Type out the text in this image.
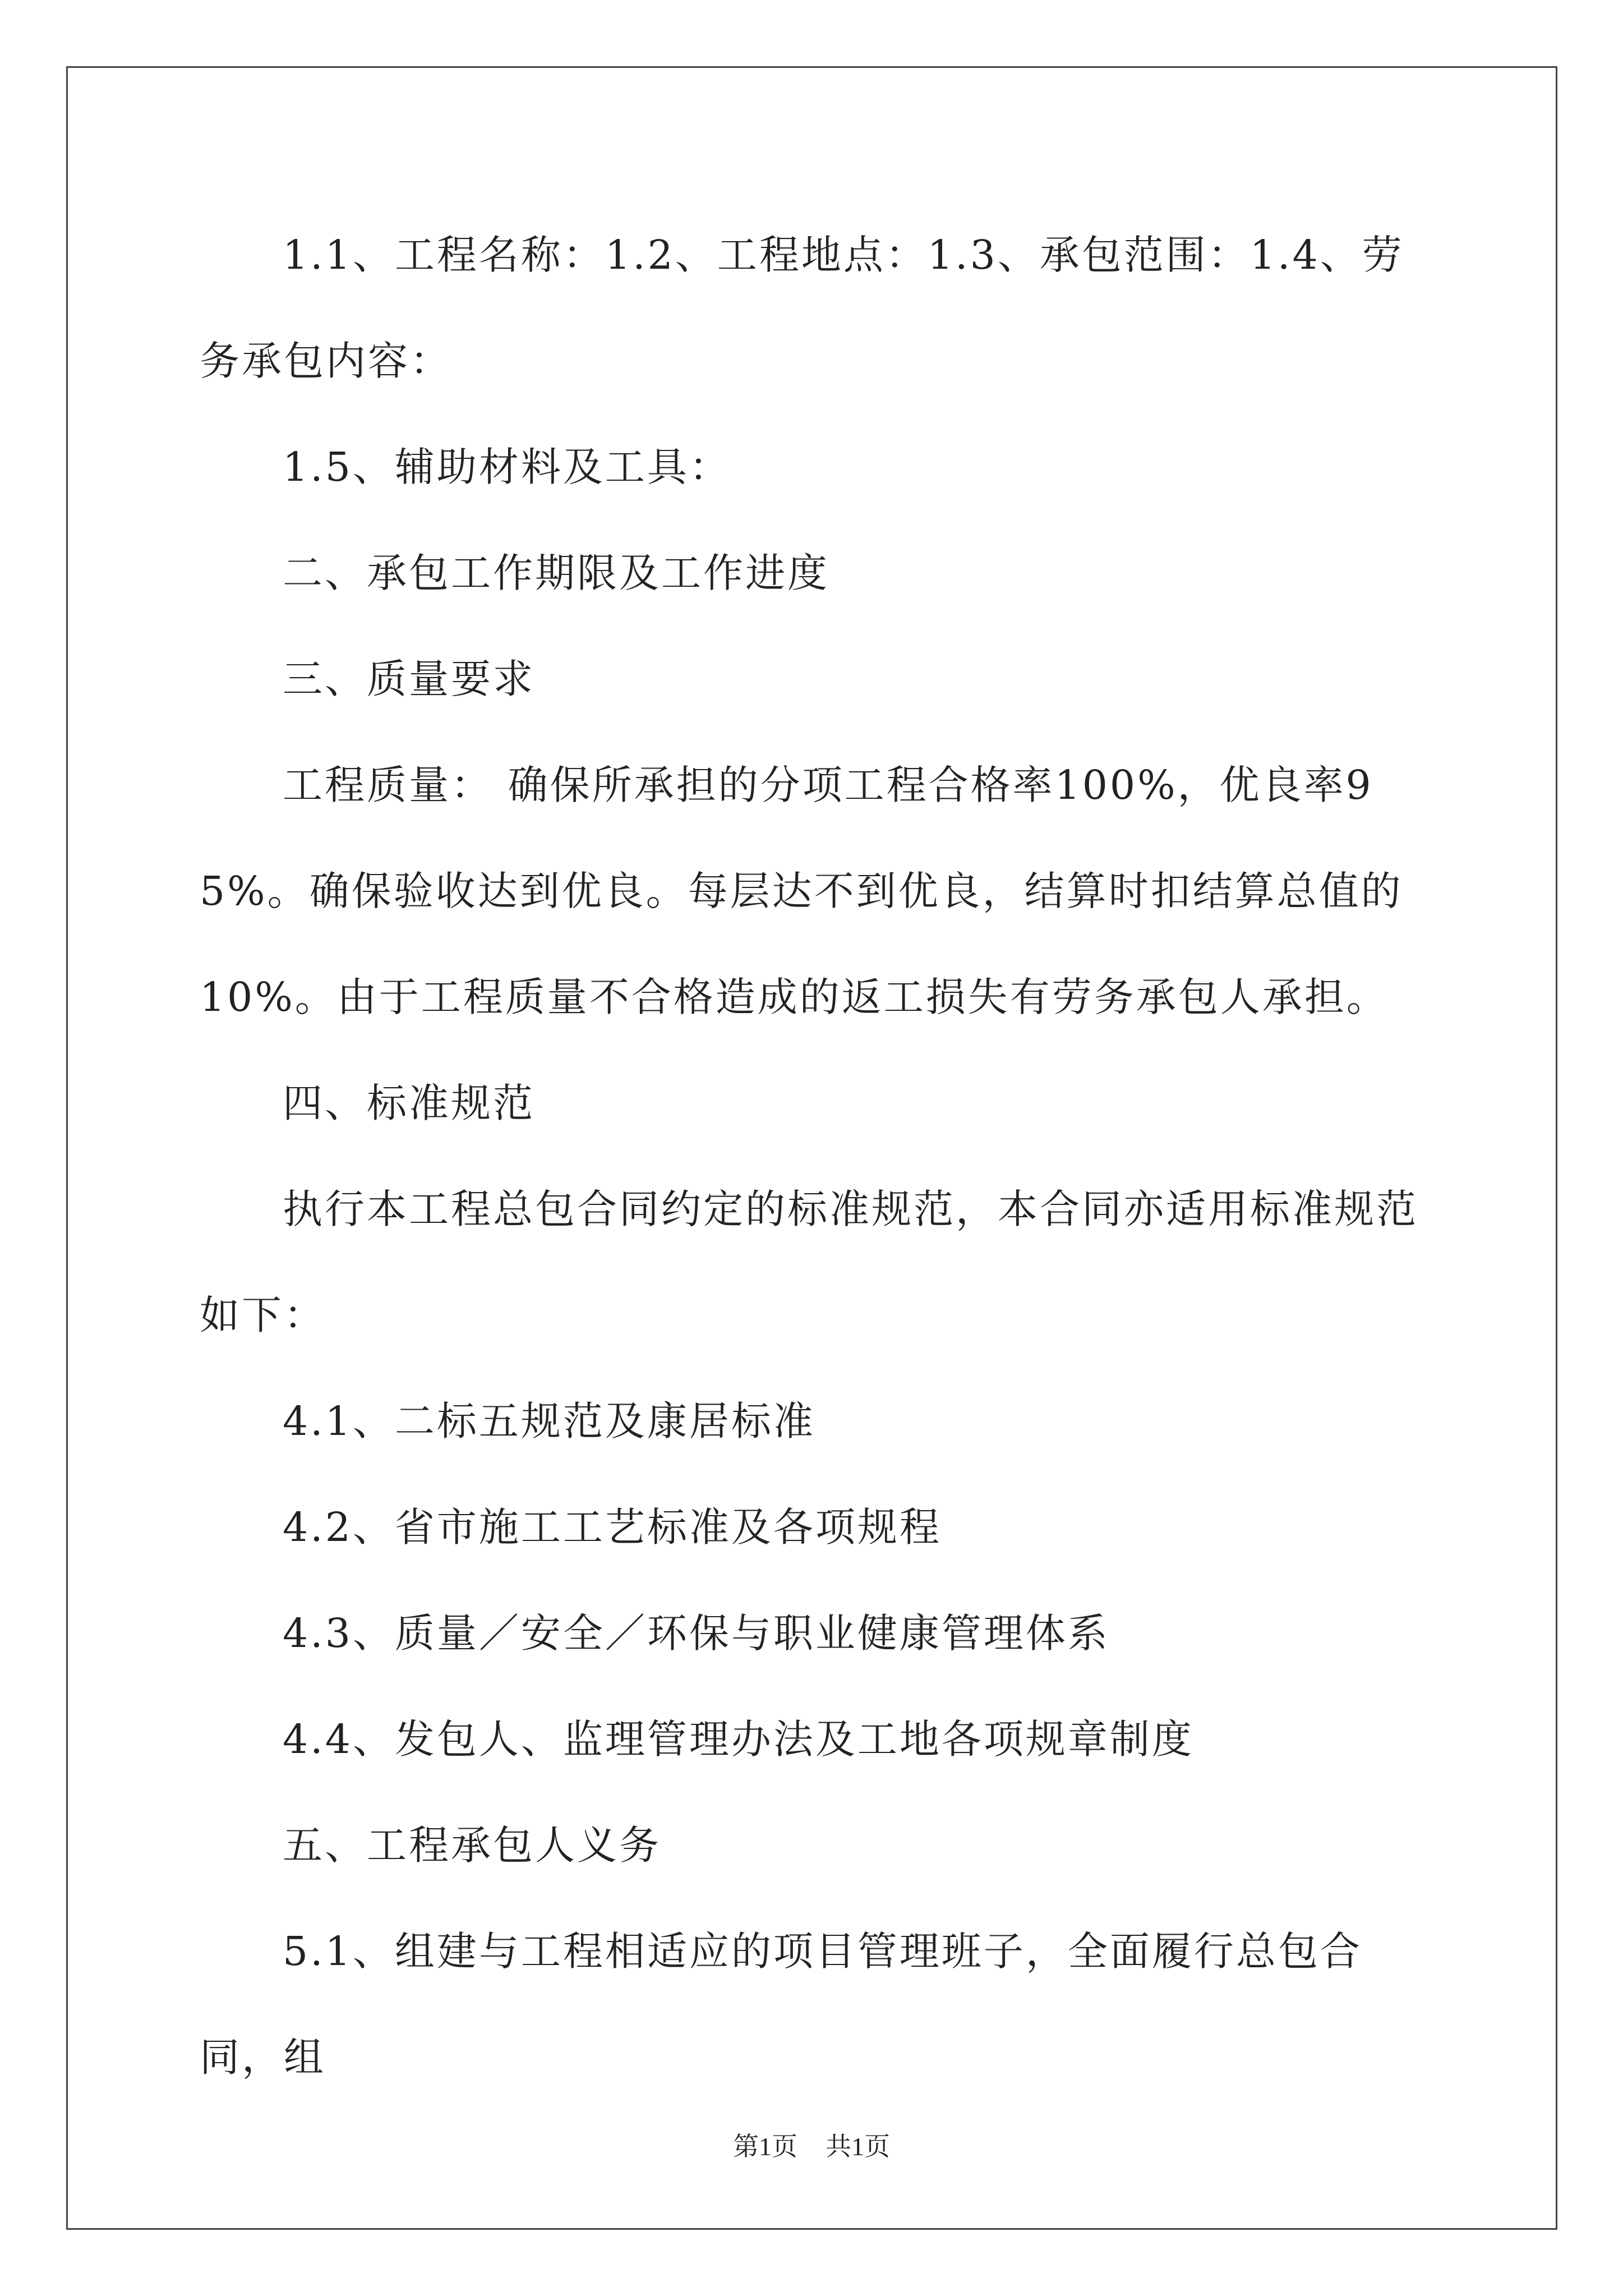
1.1、工程名称：1.2、工程地点：1.3、承包范围：1.4、劳务承包内容：

1.5、辅助材料及工具：

二、承包工作期限及工作进度

三、质量要求

工程质量： 确保所承担的分项工程合格率100%，优良率95%。确保验收达到优良。每层达不到优良，结算时扣结算总值的10%。由于工程质量不合格造成的返工损失有劳务承包人承担。

四、标准规范

执行本工程总包合同约定的标准规范，本合同亦适用标准规范如下：

4.1、二标五规范及康居标准

4.2、省市施工工艺标准及各项规程

4.3、质量／安全／环保与职业健康管理体系

4.4、发包人、监理管理办法及工地各项规章制度

五、工程承包人义务

5.1、组建与工程相适应的项目管理班子，全面履行总包合同，组

第1页 共1页
